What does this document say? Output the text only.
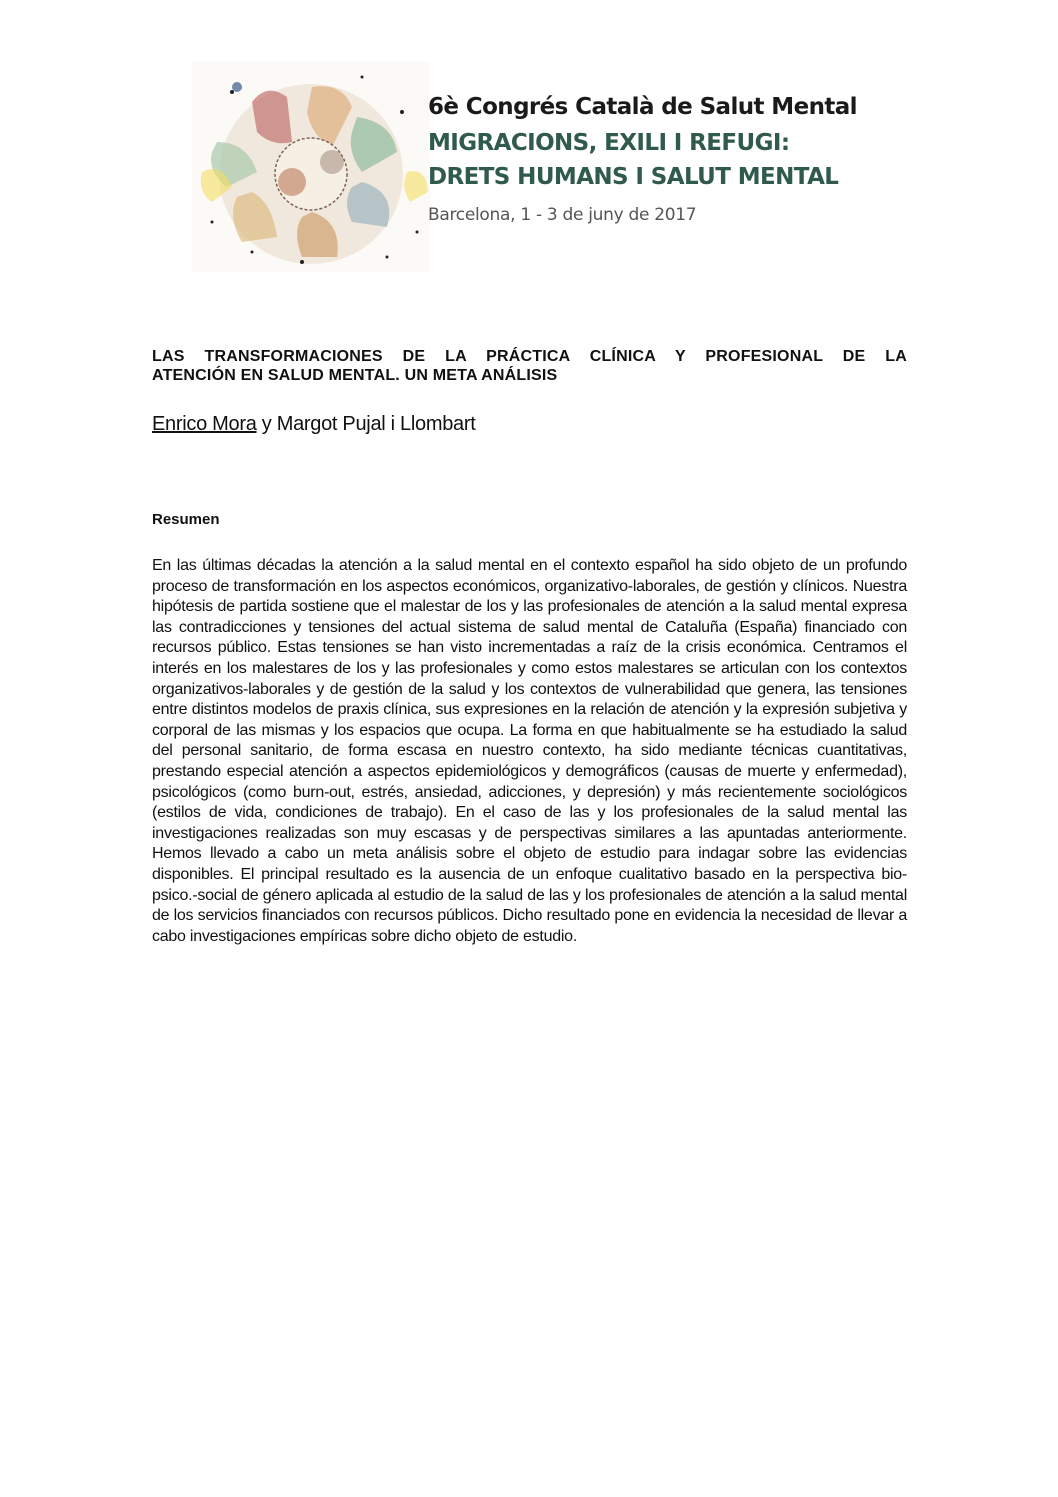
6è Congrés Català de Salut Mental
MIGRACIONS, EXILI I REFUGI:
DRETS HUMANS I SALUT MENTAL
Barcelona, 1 - 3 de juny de 2017
LAS TRANSFORMACIONES DE LA PRÁCTICA CLÍNICA Y PROFESIONAL DE LA
ATENCIÓN EN SALUD MENTAL. UN META ANÁLISIS
Enrico Mora y Margot Pujal i Llombart
Resumen
En las últimas décadas la atención a la salud mental en el contexto español ha sido objeto de un profundo proceso de transformación en los aspectos económicos, organizativo-laborales, de gestión y clínicos. Nuestra hipótesis de partida sostiene que el malestar de los y las profesionales de atención a la salud mental expresa las contradicciones y tensiones del actual sistema de salud mental de Cataluña (España) financiado con recursos público. Estas tensiones se han visto incrementadas a raíz de la crisis económica. Centramos el interés en los malestares de los y las profesionales y como estos malestares se articulan con los contextos organizativos-laborales y de gestión de la salud y los contextos de vulnerabilidad que genera, las tensiones entre distintos modelos de praxis clínica, sus expresiones en la relación de atención y la expresión subjetiva y corporal de las mismas y los espacios que ocupa. La forma en que habitualmente se ha estudiado la salud del personal sanitario, de forma escasa en nuestro contexto, ha sido mediante técnicas cuantitativas, prestando especial atención a aspectos epidemiológicos y demográficos (causas de muerte y enfermedad), psicológicos (como burn-out, estrés, ansiedad, adicciones, y depresión) y más recientemente sociológicos (estilos de vida, condiciones de trabajo). En el caso de las y los profesionales de la salud mental las investigaciones realizadas son muy escasas y de perspectivas similares a las apuntadas anteriormente. Hemos llevado a cabo un meta análisis sobre el objeto de estudio para indagar sobre las evidencias disponibles. El principal resultado es la ausencia de un enfoque cualitativo basado en la perspectiva bio-psico.-social de género aplicada al estudio de la salud de las y los profesionales de atención a la salud mental de los servicios financiados con recursos públicos. Dicho resultado pone en evidencia la necesidad de llevar a cabo investigaciones empíricas sobre dicho objeto de estudio.
